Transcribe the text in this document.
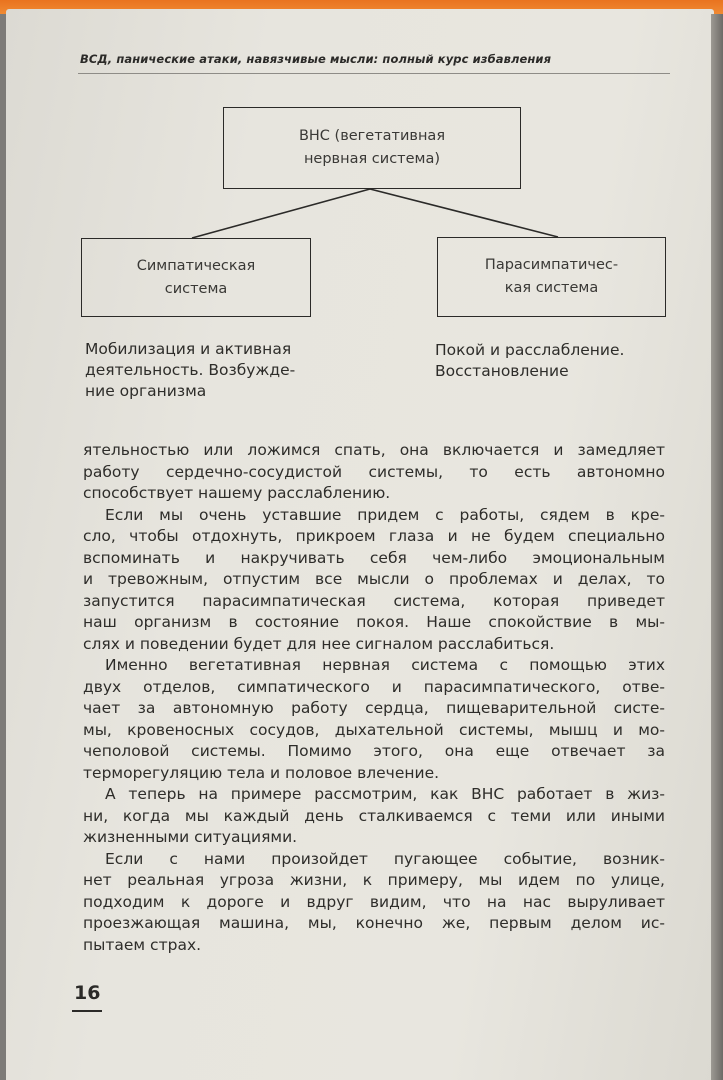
ВСД, панические атаки, навязчивые мысли: полный курс избавления
ВНС (вегетативная
нервная система)
Симпатическая
система
Парасимпатичес-
кая система
Мобилизация и активная
деятельность. Возбужде-
ние организма
Покой и расслабление.
Восстановление
ятельностью или ложимся спать, она включается и замедляет
работу сердечно-сосудистой системы, то есть автономно
способствует нашему расслаблению.
Если мы очень уставшие придем с работы, сядем в кре-
сло, чтобы отдохнуть, прикроем глаза и не будем специально
вспоминать и накручивать себя чем-либо эмоциональным
и тревожным, отпустим все мысли о проблемах и делах, то
запустится парасимпатическая система, которая приведет
наш организм в состояние покоя. Наше спокойствие в мы-
слях и поведении будет для нее сигналом расслабиться.
Именно вегетативная нервная система с помощью этих
двух отделов, симпатического и парасимпатического, отве-
чает за автономную работу сердца, пищеварительной систе-
мы, кровеносных сосудов, дыхательной системы, мышц и мо-
чеполовой системы. Помимо этого, она еще отвечает за
терморегуляцию тела и половое влечение.
А теперь на примере рассмотрим, как ВНС работает в жиз-
ни, когда мы каждый день сталкиваемся с теми или иными
жизненными ситуациями.
Если с нами произойдет пугающее событие, возник-
нет реальная угроза жизни, к примеру, мы идем по улице,
подходим к дороге и вдруг видим, что на нас выруливает
проезжающая машина, мы, конечно же, первым делом ис-
пытаем страх.
16
